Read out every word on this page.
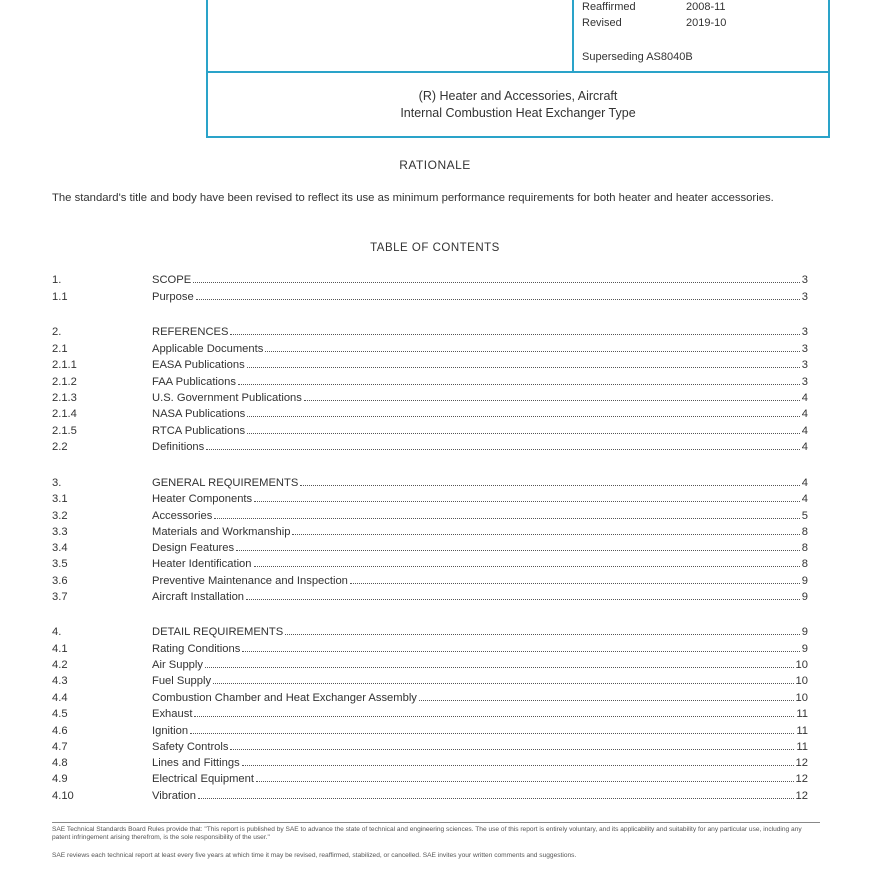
Reaffirmed	2008-11
Revised	2019-10
Superseding AS8040B
(R) Heater and Accessories, Aircraft
Internal Combustion Heat Exchanger Type
RATIONALE
The standard's title and body have been revised to reflect its use as minimum performance requirements for both heater and heater accessories.
TABLE OF CONTENTS
1.	SCOPE	3
1.1	Purpose	3
2.	REFERENCES	3
2.1	Applicable Documents	3
2.1.1	EASA Publications	3
2.1.2	FAA Publications	3
2.1.3	U.S. Government Publications	4
2.1.4	NASA Publications	4
2.1.5	RTCA Publications	4
2.2	Definitions	4
3.	GENERAL REQUIREMENTS	4
3.1	Heater Components	4
3.2	Accessories	5
3.3	Materials and Workmanship	8
3.4	Design Features	8
3.5	Heater Identification	8
3.6	Preventive Maintenance and Inspection	9
3.7	Aircraft Installation	9
4.	DETAIL REQUIREMENTS	9
4.1	Rating Conditions	9
4.2	Air Supply	10
4.3	Fuel Supply	10
4.4	Combustion Chamber and Heat Exchanger Assembly	10
4.5	Exhaust	11
4.6	Ignition	11
4.7	Safety Controls	11
4.8	Lines and Fittings	12
4.9	Electrical Equipment	12
4.10	Vibration	12
SAE Technical Standards Board Rules provide that: "This report is published by SAE to advance the state of technical and engineering sciences. The use of this report is entirely voluntary, and its applicability and suitability for any particular use, including any patent infringement arising therefrom, is the sole responsibility of the user."
SAE reviews each technical report at least every five years at which time it may be revised, reaffirmed, stabilized, or cancelled. SAE invites your written comments and suggestions.
